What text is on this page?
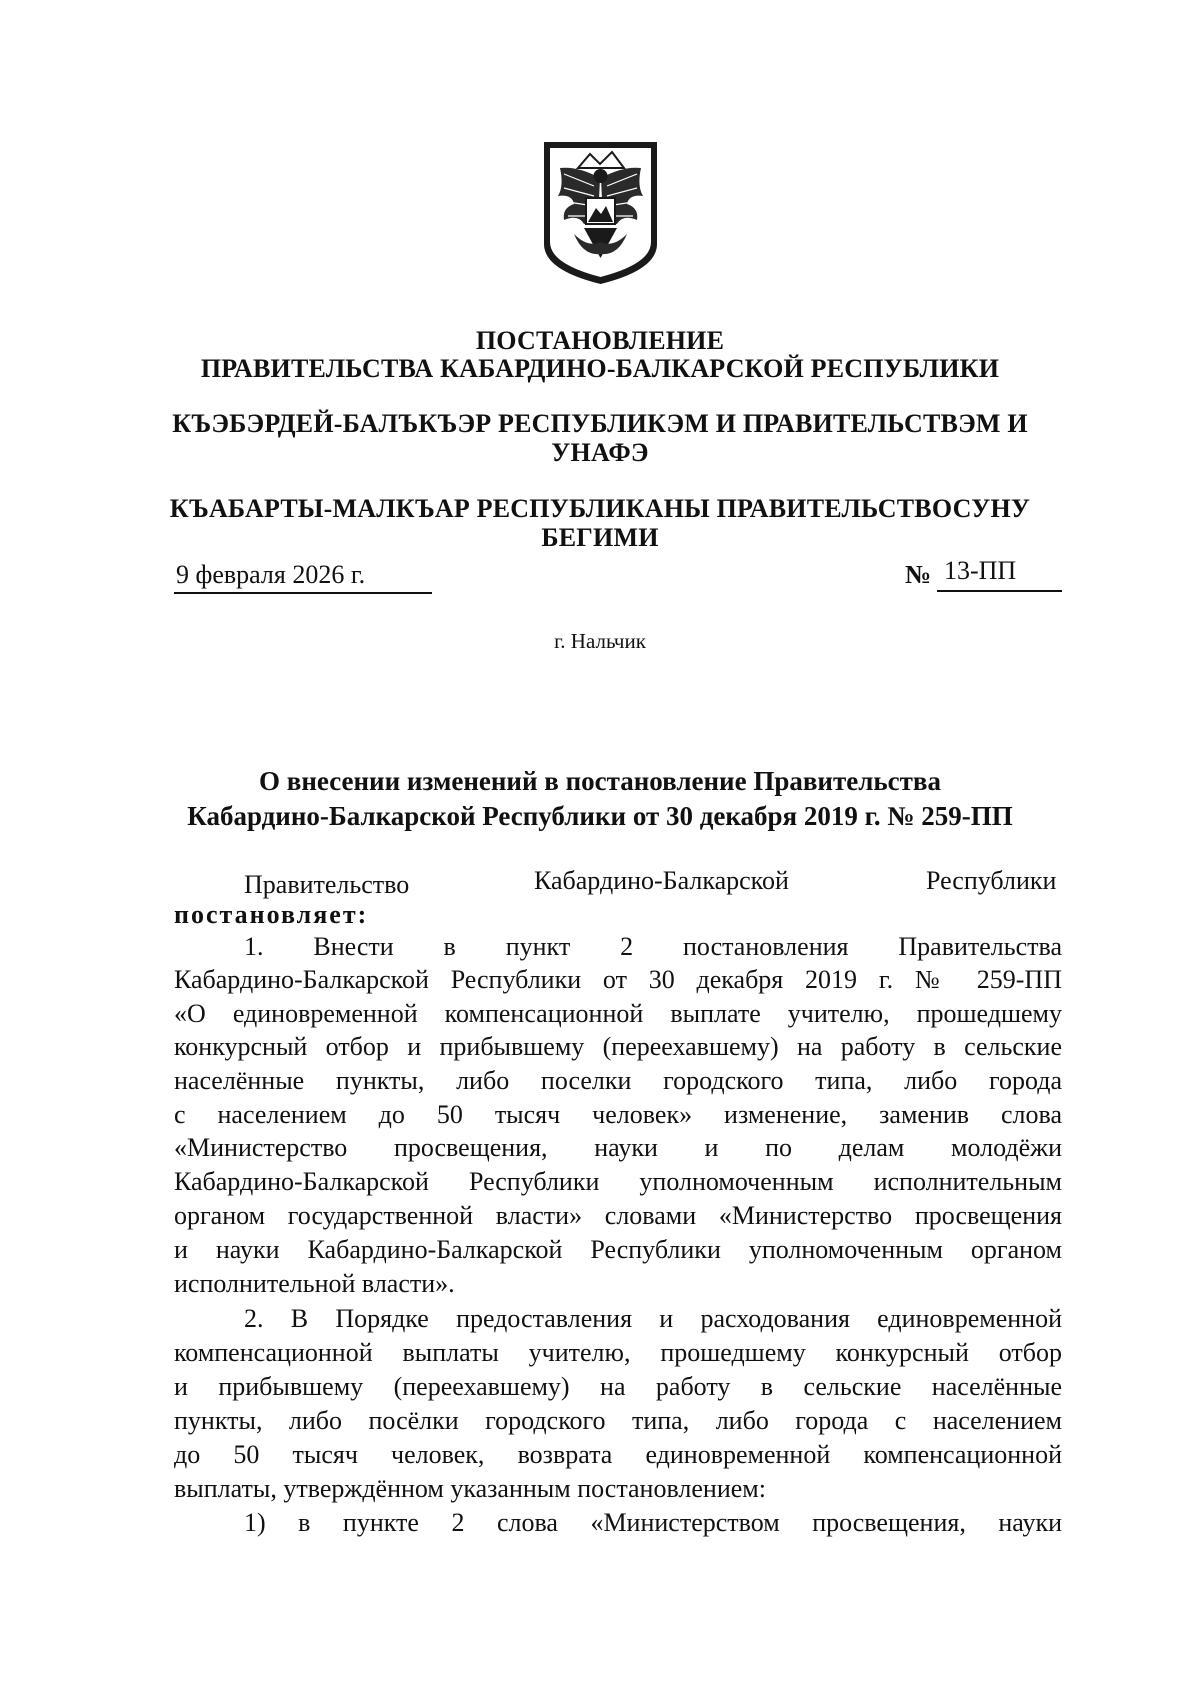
ПОСТАНОВЛЕНИЕ
ПРАВИТЕЛЬСТВА КАБАРДИНО-БАЛКАРСКОЙ РЕСПУБЛИКИ
КЪЭБЭРДЕЙ-БАЛЪКЪЭР РЕСПУБЛИКЭМ И ПРАВИТЕЛЬСТВЭМ И
УНАФЭ
КЪАБАРТЫ-МАЛКЪАР РЕСПУБЛИКАНЫ ПРАВИТЕЛЬСТВОСУНУ
БЕГИМИ
9 февраля 2026 г.	№ 13-ПП
г. Нальчик
О внесении изменений в постановление Правительства
Кабардино-Балкарской Республики от 30 декабря 2019 г. № 259-ПП
Правительство	Кабардино-Балкарской	Республики
постановляет:
1. Внести в пункт 2 постановления Правительства
Кабардино-Балкарской Республики от 30 декабря 2019 г. № 259-ПП
«О единовременной компенсационной выплате учителю, прошедшему
конкурсный отбор и прибывшему (переехавшему) на работу в сельские
населённые пункты, либо поселки городского типа, либо города
с населением до 50 тысяч человек» изменение, заменив слова
«Министерство просвещения, науки и по делам молодёжи
Кабардино-Балкарской Республики уполномоченным исполнительным
органом государственной власти» словами «Министерство просвещения
и науки Кабардино-Балкарской Республики уполномоченным органом
исполнительной власти».
2. В Порядке предоставления и расходования единовременной
компенсационной выплаты учителю, прошедшему конкурсный отбор
и прибывшему (переехавшему) на работу в сельские населённые
пункты, либо посёлки городского типа, либо города с населением
до 50 тысяч человек, возврата единовременной компенсационной
выплаты, утверждённом указанным постановлением:
1) в пункте 2 слова «Министерством просвещения, науки
